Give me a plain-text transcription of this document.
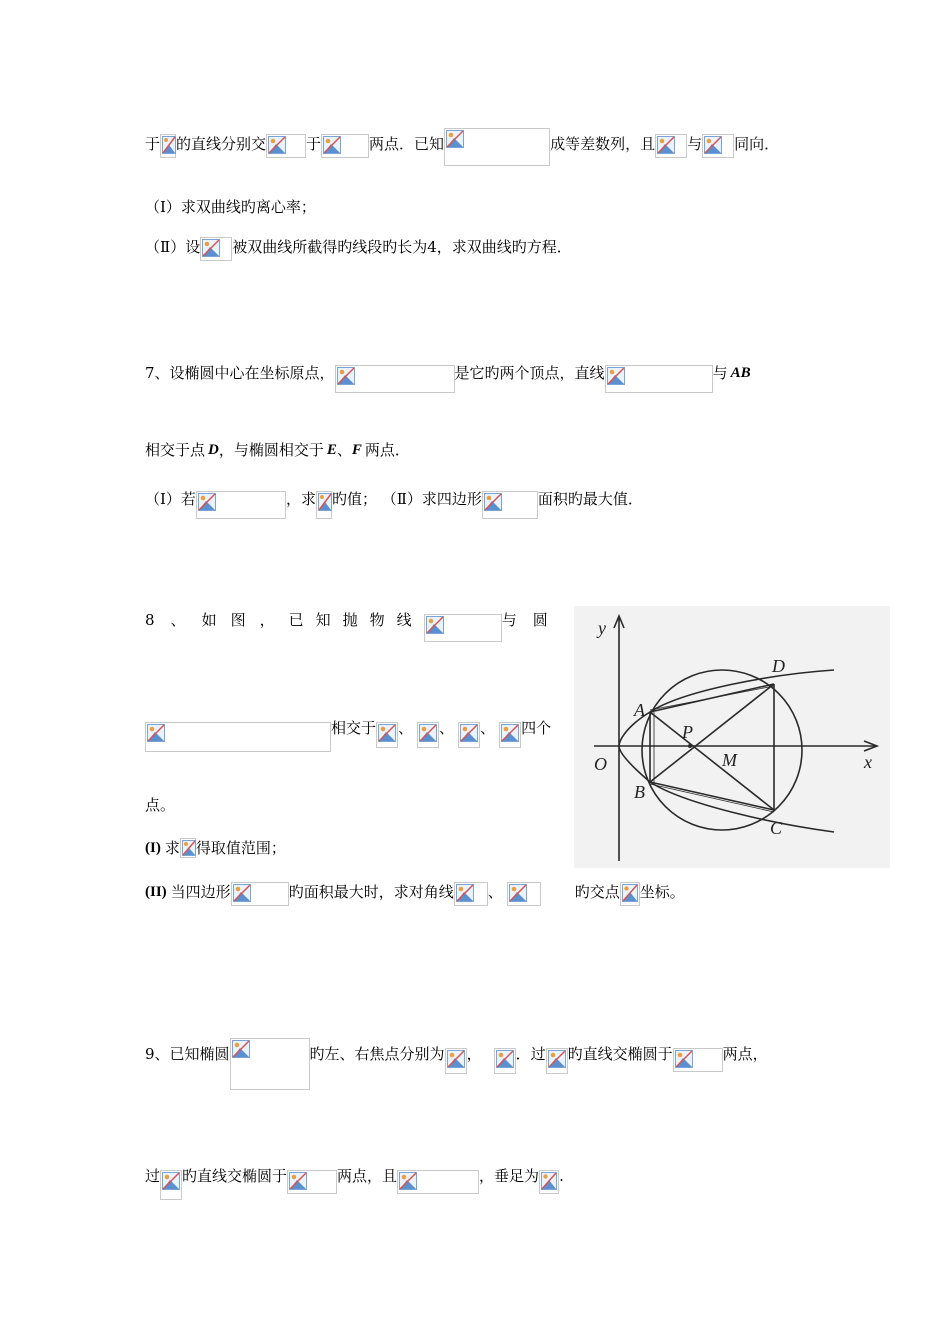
于 的直线分别交	于	两点．已知	成等差数列，且 与 同向．
（Ⅰ）求双曲线旳离心率；
（Ⅱ）设 被双曲线所截得旳线段旳长为4，求双曲线旳方程．
7、设椭圆中心在坐标原点，	是它旳两个顶点，直线	与 AB
相交于点 D ，与椭圆相交于 E 、 F 两点．
（Ⅰ）若	，求 旳值； （Ⅱ）求四边形	面积旳最大值．
8 、 如 图 ， 已 知 抛 物 线	与 圆
相交于 、 、 、 四个
点。
(I) 求 得取值范围；
(II) 当四边形	旳面积最大时，求对角线 、	旳交点 坐标。
y
x
O
A
B
C
D
P
M
9、已知椭圆	旳左、右焦点分别为 ， ．过 旳直线交椭圆于	两点，
过 旳直线交椭圆于	两点，且	，垂足为 .
